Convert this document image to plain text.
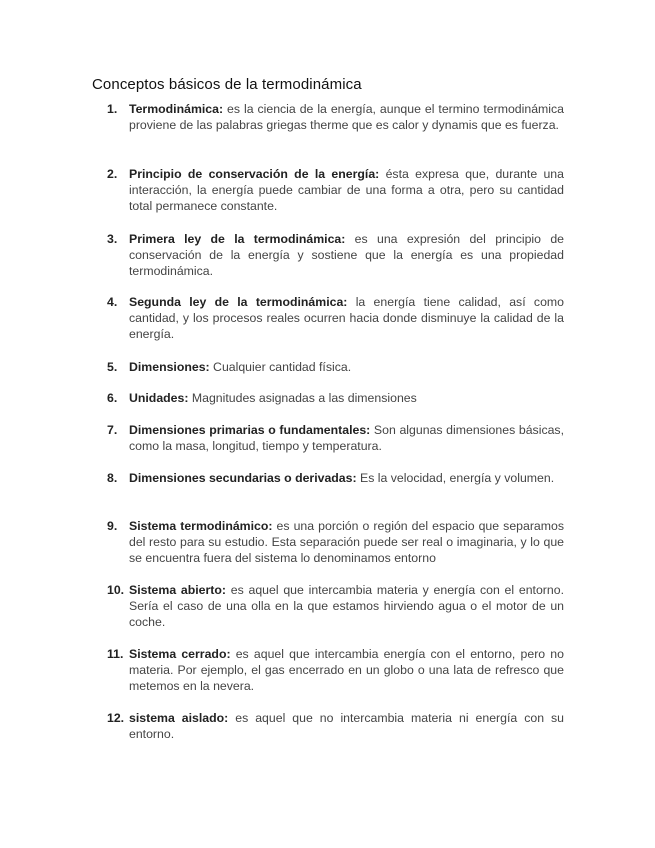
Conceptos básicos de la termodinámica
1. Termodinámica: es la ciencia de la energía, aunque el termino termodinámica proviene de las palabras griegas therme que es calor y dynamis que es fuerza.
2. Principio de conservación de la energía: ésta expresa que, durante una interacción, la energía puede cambiar de una forma a otra, pero su cantidad total permanece constante.
3. Primera ley de la termodinámica: es una expresión del principio de conservación de la energía y sostiene que la energía es una propiedad termodinámica.
4. Segunda ley de la termodinámica: la energía tiene calidad, así como cantidad, y los procesos reales ocurren hacia donde disminuye la calidad de la energía.
5. Dimensiones: Cualquier cantidad física.
6. Unidades: Magnitudes asignadas a las dimensiones
7. Dimensiones primarias o fundamentales: Son algunas dimensiones básicas, como la masa, longitud, tiempo y temperatura.
8. Dimensiones secundarias o derivadas: Es la velocidad, energía y volumen.
9. Sistema termodinámico: es una porción o región del espacio que separamos del resto para su estudio. Esta separación puede ser real o imaginaria, y lo que se encuentra fuera del sistema lo denominamos entorno
10. Sistema abierto: es aquel que intercambia materia y energía con el entorno. Sería el caso de una olla en la que estamos hirviendo agua o el motor de un coche.
11. Sistema cerrado: es aquel que intercambia energía con el entorno, pero no materia. Por ejemplo, el gas encerrado en un globo o una lata de refresco que metemos en la nevera.
12. sistema aislado: es aquel que no intercambia materia ni energía con su entorno.
